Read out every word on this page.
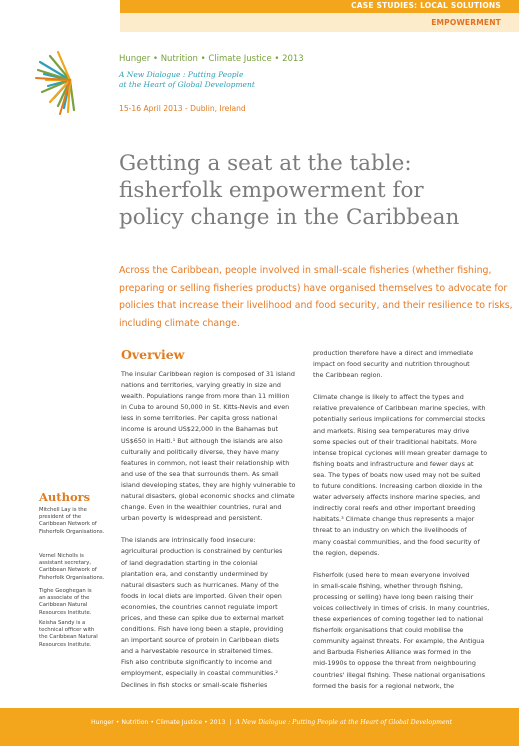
CASE STUDIES: LOCAL SOLUTIONS
EMPOWERMENT
Hunger • Nutrition • Climate Justice • 2013
A New Dialogue : Putting People
at the Heart of Global Development
15-16 April 2013 - Dublin, Ireland
Getting a seat at the table:
fisherfolk empowerment for
policy change in the Caribbean
Across the Caribbean, people involved in small-scale fisheries (whether fishing,
preparing or selling fisheries products) have organised themselves to advocate for
policies that increase their livelihood and food security, and their resilience to risks,
including climate change.
Overview
The insular Caribbean region is composed of 31 island
nations and territories, varying greatly in size and
wealth. Populations range from more than 11 million
in Cuba to around 50,000 in St. Kitts-Nevis and even
less in some territories. Per capita gross national
income is around US$22,000 in the Bahamas but
US$650 in Haiti.¹ But although the islands are also
culturally and politically diverse, they have many
features in common, not least their relationship with
and use of the sea that surrounds them. As small
island developing states, they are highly vulnerable to
natural disasters, global economic shocks and climate
change. Even in the wealthier countries, rural and
urban poverty is widespread and persistent.
The islands are intrinsically food insecure:
agricultural production is constrained by centuries
of land degradation starting in the colonial
plantation era, and constantly undermined by
natural disasters such as hurricanes. Many of the
foods in local diets are imported. Given their open
economies, the countries cannot regulate import
prices, and these can spike due to external market
conditions. Fish have long been a staple, providing
an important source of protein in Caribbean diets
and a harvestable resource in straitened times.
Fish also contribute significantly to income and
employment, especially in coastal communities.²
Declines in fish stocks or small-scale fisheries
production therefore have a direct and immediate
impact on food security and nutrition throughout
the Caribbean region.
Climate change is likely to affect the types and
relative prevalence of Caribbean marine species, with
potentially serious implications for commercial stocks
and markets. Rising sea temperatures may drive
some species out of their traditional habitats. More
intense tropical cyclones will mean greater damage to
fishing boats and infrastructure and fewer days at
sea. The types of boats now used may not be suited
to future conditions. Increasing carbon dioxide in the
water adversely affects inshore marine species, and
indirectly coral reefs and other important breeding
habitats.³ Climate change thus represents a major
threat to an industry on which the livelihoods of
many coastal communities, and the food security of
the region, depends.
Fisherfolk (used here to mean everyone involved
in small-scale fishing, whether through fishing,
processing or selling) have long been raising their
voices collectively in times of crisis. In many countries,
these experiences of coming together led to national
fisherfolk organisations that could mobilise the
community against threats. For example, the Antigua
and Barbuda Fisheries Alliance was formed in the
mid-1990s to oppose the threat from neighbouring
countries' illegal fishing. These national organisations
formed the basis for a regional network, the
Authors
Mitchell Lay is the
president of the
Caribbean Network of
Fisherfolk Organisations.
Vernel Nicholls is
assistant secretary,
Caribbean Network of
Fisherfolk Organisations.
Tighe Geoghegan is
an associate of the
Caribbean Natural
Resources Institute.
Keisha Sandy is a
technical officer with
the Caribbean Natural
Resources Institute.
Hunger • Nutrition • Climate Justice • 2013 | A New Dialogue : Putting People at the Heart of Global Development
